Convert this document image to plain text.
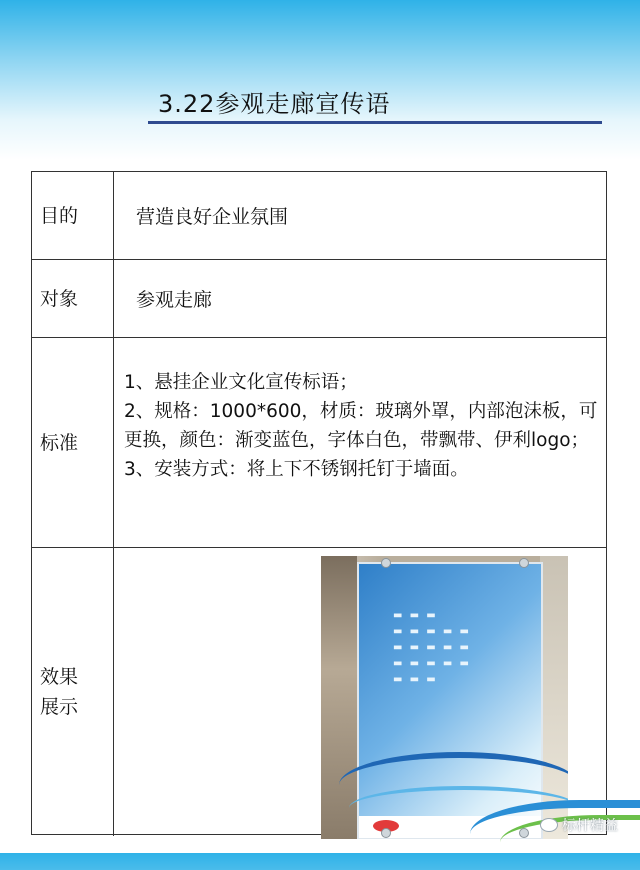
3.22参观走廊宣传语
目的	营造良好企业氛围
对象	参观走廊
标准

1、悬挂企业文化宣传标语；

2、规格：1000*600，材质：玻璃外罩，内部泡沫板，可更换，颜色：渐变蓝色，字体白色，带飘带、伊利logo；

3、安装方式：将上下不锈钢托钉于墙面。

效果
展示
▬ ▬ ▬
▬ ▬ ▬ ▬ ▬
▬ ▬ ▬ ▬ ▬
▬ ▬ ▬ ▬ ▬
▬ ▬ ▬
标杆精益
